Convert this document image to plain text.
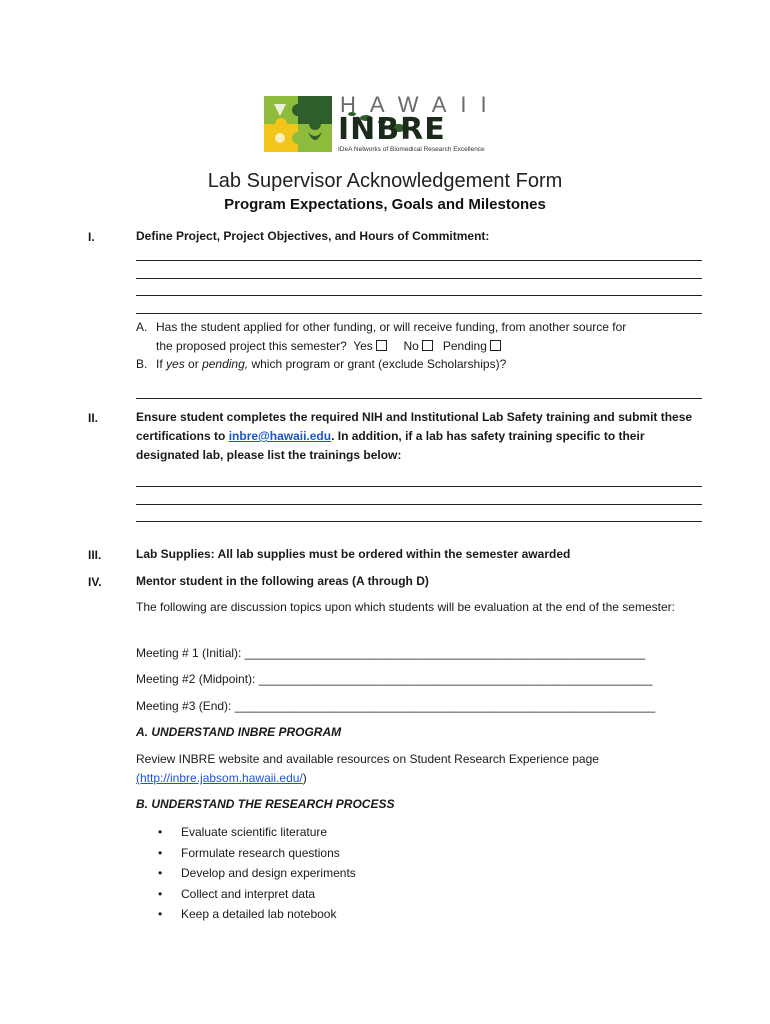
HAWAII
INBRE
IDeA Networks of Biomedical Research Excellence
Lab Supervisor Acknowledgement Form
Program Expectations, Goals and Milestones
I.	Define Project, Project Objectives, and Hours of Commitment:
A. Has the student applied for other funding, or will receive funding, from another source for
the proposed project this semester? Yes	No Pending
B. If yes or pending, which program or grant (exclude Scholarships)?
II.	Ensure student completes the required NIH and Institutional Lab Safety training and submit these certifications to inbre@hawaii.edu. In addition, if a lab has safety training specific to their designated lab, please list the trainings below:
III.	Lab Supplies: All lab supplies must be ordered within the semester awarded
IV.	Mentor student in the following areas (A through D)
The following are discussion topics upon which students will be evaluation at the end of the semester:
Meeting # 1 (Initial): ____________________________________________________________
Meeting #2 (Midpoint): ___________________________________________________________
Meeting #3 (End): _______________________________________________________________
A. UNDERSTAND INBRE PROGRAM
Review INBRE website and available resources on Student Research Experience page
(http://inbre.jabsom.hawaii.edu/)
B. UNDERSTAND THE RESEARCH PROCESS
• Evaluate scientific literature
• Formulate research questions
• Develop and design experiments
• Collect and interpret data
• Keep a detailed lab notebook
